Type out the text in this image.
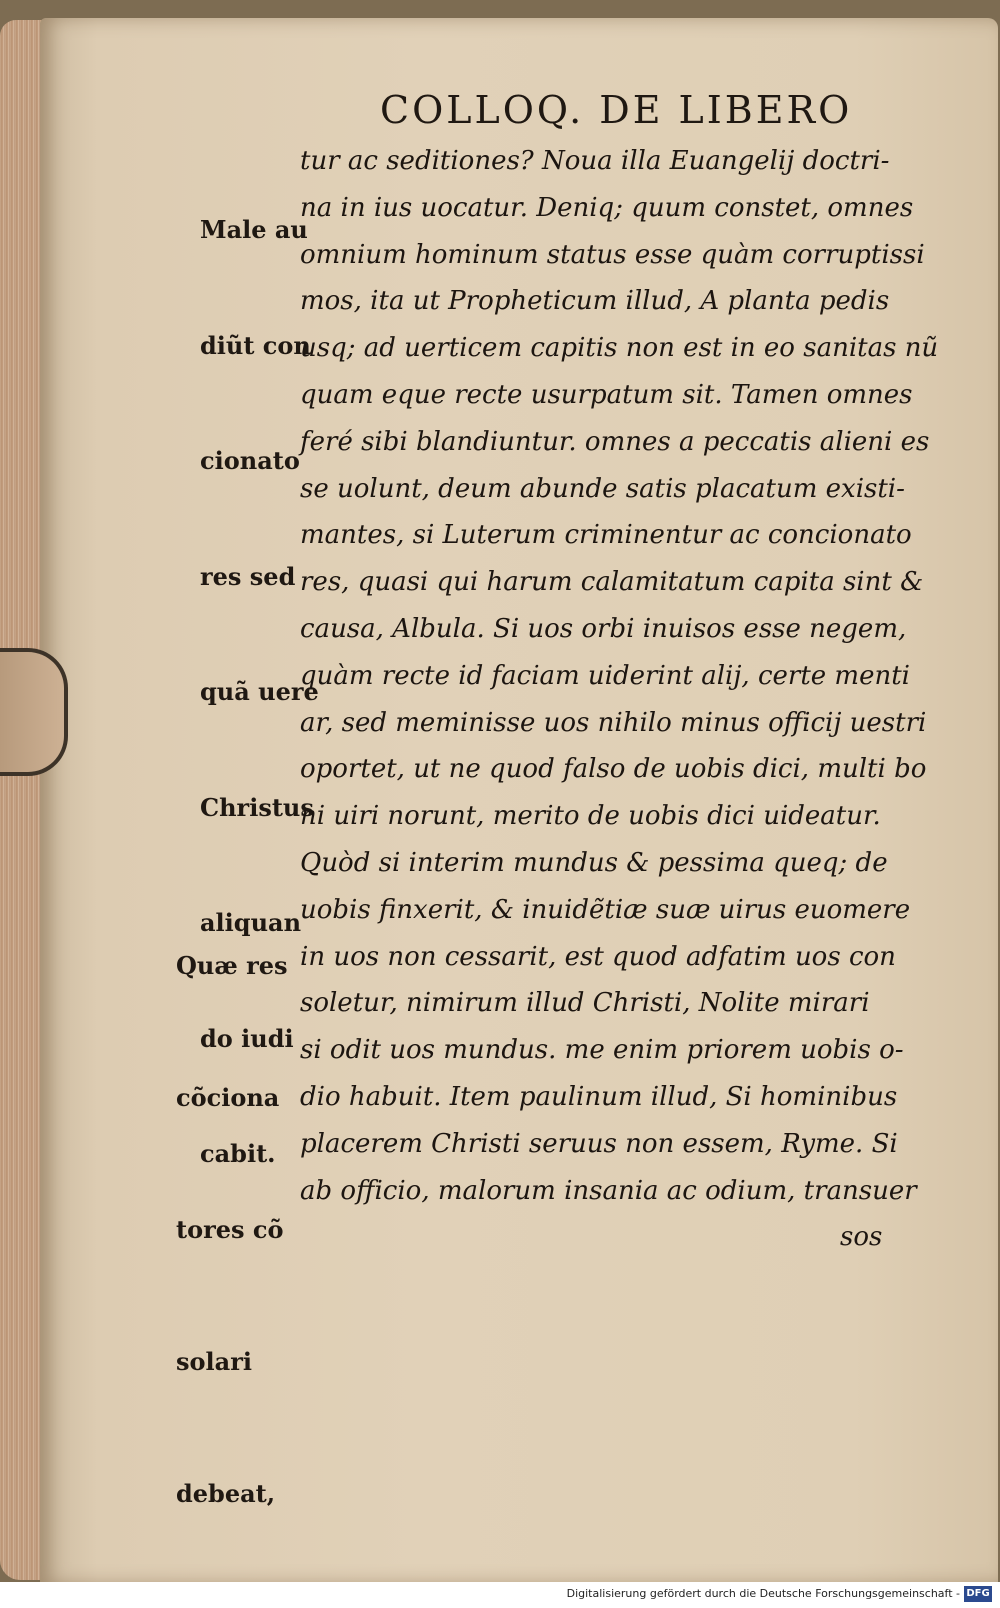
COLLOQ. DE LIBERO

Male au

diũt con

cionato

res sed

quã uere

Christus

aliquan

do iudi

cabit.

Quæ res

cõciona

tores cõ

solari

debeat,

tur ac seditiones? Noua illa Euangelij doctri-
na in ius uocatur. Deniq; quum constet, omnes
omnium hominum status esse quàm corruptissi
mos, ita ut Propheticum illud, A planta pedis
usq; ad uerticem capitis non est in eo sanitas nũ
quam eque recte usurpatum sit. Tamen omnes
feré sibi blandiuntur. omnes a peccatis alieni es
se uolunt, deum abunde satis placatum existi-
mantes, si Luterum criminentur ac concionato
res, quasi qui harum calamitatum capita sint &
causa, Albula. Si uos orbi inuisos esse negem,
quàm recte id faciam uiderint alij, certe menti
ar, sed meminisse uos nihilo minus officij uestri
oportet, ut ne quod falso de uobis dici, multi bo
ni uiri norunt, merito de uobis dici uideatur.
Quòd si interim mundus & pessima queq; de
uobis finxerit, & inuidẽtiæ suæ uirus euomere
in uos non cessarit, est quod adfatim uos con
soletur, nimirum illud Christi, Nolite mirari
si odit uos mundus. me enim priorem uobis o-
dio habuit. Item paulinum illud, Si hominibus
placerem Christi seruus non essem, Ryme. Si
ab officio, malorum insania ac odium, transuer
sos
Digitalisierung gefördert durch die Deutsche Forschungsgemeinschaft - DFG
